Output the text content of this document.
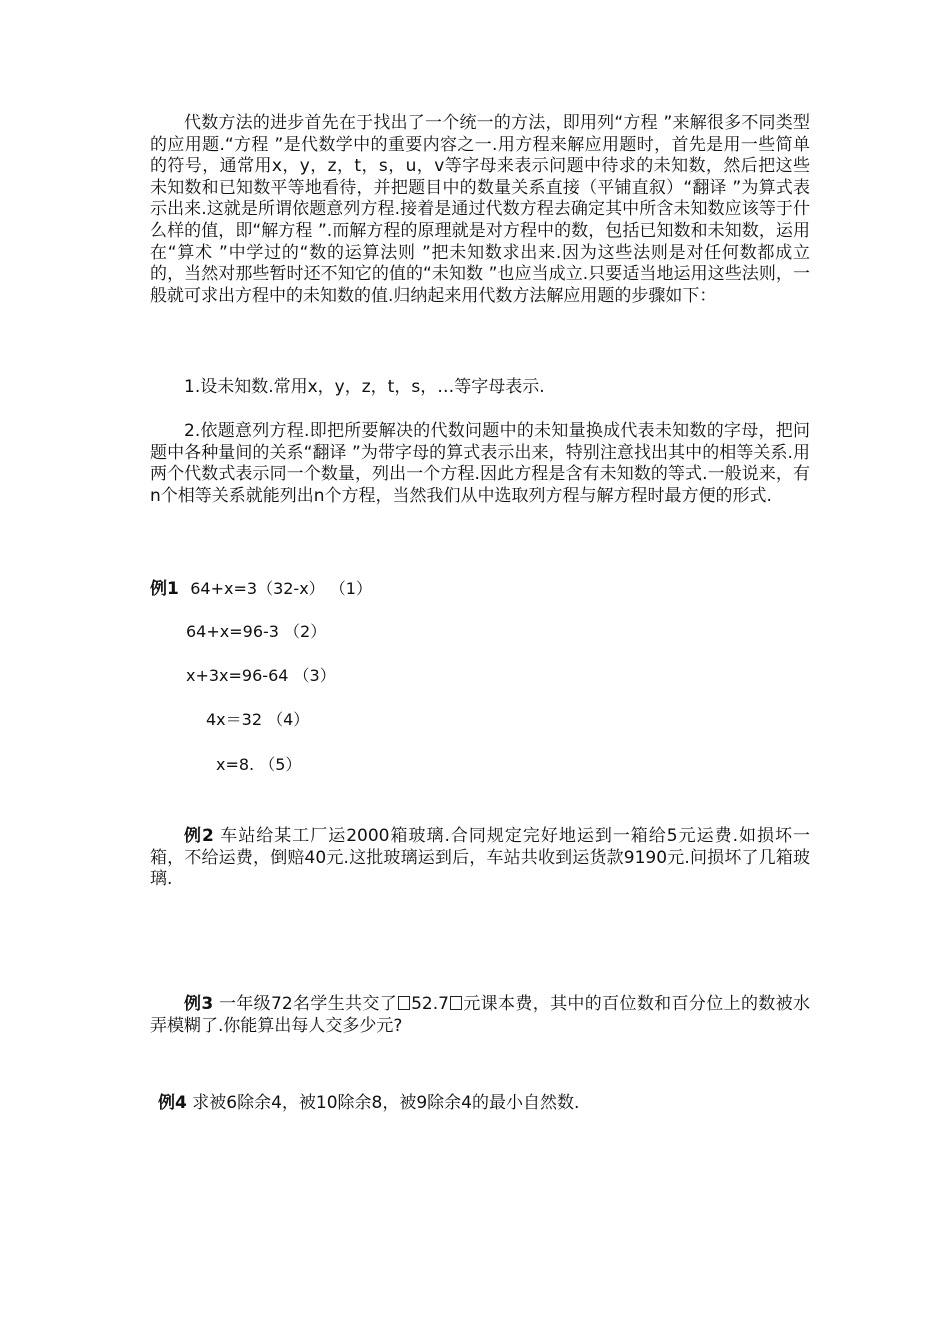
代数方法的进步首先在于找出了一个统一的方法，即用列“方程 ”来解很多不同类型的应用题.“方程 ”是代数学中的重要内容之一.用方程来解应用题时，首先是用一些简单的符号，通常用x，y，z，t，s，u，v等字母来表示问题中待求的未知数，然后把这些未知数和已知数平等地看待，并把题目中的数量关系直接（平铺直叙）“翻译 ”为算式表示出来.这就是所谓依题意列方程.接着是通过代数方程去确定其中所含未知数应该等于什么样的值，即“解方程 ”.而解方程的原理就是对方程中的数，包括已知数和未知数，运用在“算术 ”中学过的“数的运算法则 ”把未知数求出来.因为这些法则是对任何数都成立的，当然对那些暂时还不知它的值的“未知数 ”也应当成立.只要适当地运用这些法则，一般就可求出方程中的未知数的值.归纳起来用代数方法解应用题的步骤如下：

1.设未知数.常用x，y，z，t，s，…等字母表示.

2.依题意列方程.即把所要解决的代数问题中的未知量换成代表未知数的字母，把问题中各种量间的关系“翻译 ”为带字母的算式表示出来，特别注意找出其中的相等关系.用两个代数式表示同一个数量，列出一个方程.因此方程是含有未知数的等式.一般说来，有n个相等关系就能列出n个方程，当然我们从中选取列方程与解方程时最方便的形式.

例1 64+x=3（32-x） （1）
64+x=96-3 （2）
x+3x=96-64 （3）
4x＝32 （4）
x=8. （5）

例2 车站给某工厂运2000箱玻璃.合同规定完好地运到一箱给5元运费.如损坏一箱，不给运费，倒赔40元.这批玻璃运到后，车站共收到运货款9190元.问损坏了几箱玻璃.

例3 一年级72名学生共交了 52.7 元课本费，其中的百位数和百分位上的数被水弄模糊了.你能算出每人交多少元?

例4 求被6除余4，被10除余8，被9除余4的最小自然数.
